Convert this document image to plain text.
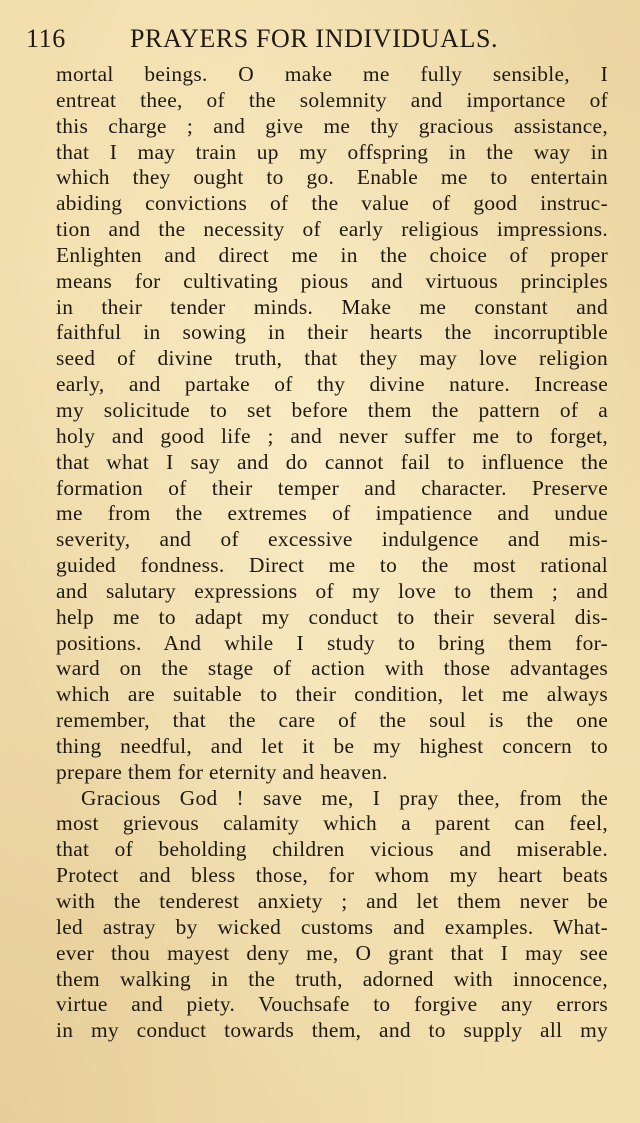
116 PRAYERS FOR INDIVIDUALS.
mortal beings. O make me fully sensible, I
entreat thee, of the solemnity and importance of
this charge ; and give me thy gracious assistance,
that I may train up my offspring in the way in
which they ought to go. Enable me to entertain
abiding convictions of the value of good instruc-
tion and the necessity of early religious impressions.
Enlighten and direct me in the choice of proper
means for cultivating pious and virtuous principles
in their tender minds. Make me constant and
faithful in sowing in their hearts the incorruptible
seed of divine truth, that they may love religion
early, and partake of thy divine nature. Increase
my solicitude to set before them the pattern of a
holy and good life ; and never suffer me to forget,
that what I say and do cannot fail to influence the
formation of their temper and character. Preserve
me from the extremes of impatience and undue
severity, and of excessive indulgence and mis-
guided fondness. Direct me to the most rational
and salutary expressions of my love to them ; and
help me to adapt my conduct to their several dis-
positions. And while I study to bring them for-
ward on the stage of action with those advantages
which are suitable to their condition, let me always
remember, that the care of the soul is the one
thing needful, and let it be my highest concern to
prepare them for eternity and heaven.
Gracious God ! save me, I pray thee, from the
most grievous calamity which a parent can feel,
that of beholding children vicious and miserable.
Protect and bless those, for whom my heart beats
with the tenderest anxiety ; and let them never be
led astray by wicked customs and examples. What-
ever thou mayest deny me, O grant that I may see
them walking in the truth, adorned with innocence,
virtue and piety. Vouchsafe to forgive any errors
in my conduct towards them, and to supply all my
